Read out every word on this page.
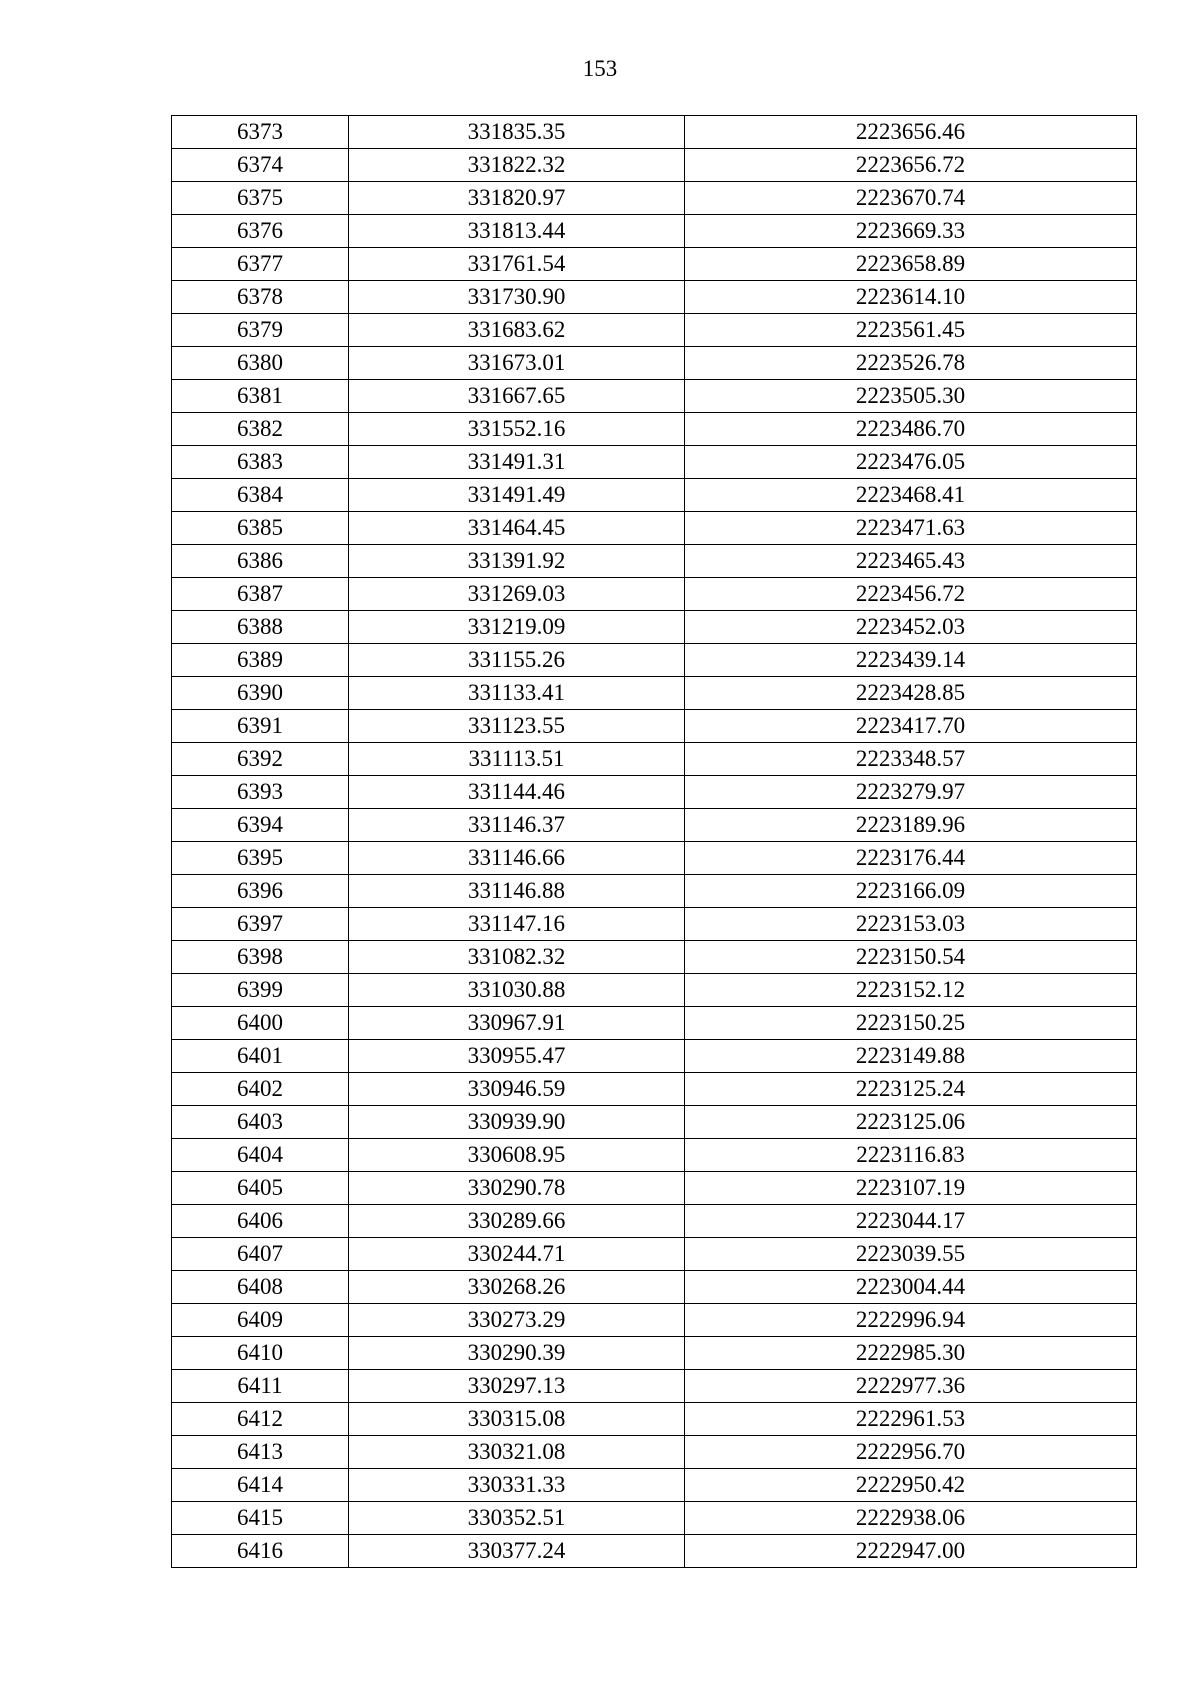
153
6373	331835.35	2223656.46
6374	331822.32	2223656.72
6375	331820.97	2223670.74
6376	331813.44	2223669.33
6377	331761.54	2223658.89
6378	331730.90	2223614.10
6379	331683.62	2223561.45
6380	331673.01	2223526.78
6381	331667.65	2223505.30
6382	331552.16	2223486.70
6383	331491.31	2223476.05
6384	331491.49	2223468.41
6385	331464.45	2223471.63
6386	331391.92	2223465.43
6387	331269.03	2223456.72
6388	331219.09	2223452.03
6389	331155.26	2223439.14
6390	331133.41	2223428.85
6391	331123.55	2223417.70
6392	331113.51	2223348.57
6393	331144.46	2223279.97
6394	331146.37	2223189.96
6395	331146.66	2223176.44
6396	331146.88	2223166.09
6397	331147.16	2223153.03
6398	331082.32	2223150.54
6399	331030.88	2223152.12
6400	330967.91	2223150.25
6401	330955.47	2223149.88
6402	330946.59	2223125.24
6403	330939.90	2223125.06
6404	330608.95	2223116.83
6405	330290.78	2223107.19
6406	330289.66	2223044.17
6407	330244.71	2223039.55
6408	330268.26	2223004.44
6409	330273.29	2222996.94
6410	330290.39	2222985.30
6411	330297.13	2222977.36
6412	330315.08	2222961.53
6413	330321.08	2222956.70
6414	330331.33	2222950.42
6415	330352.51	2222938.06
6416	330377.24	2222947.00
